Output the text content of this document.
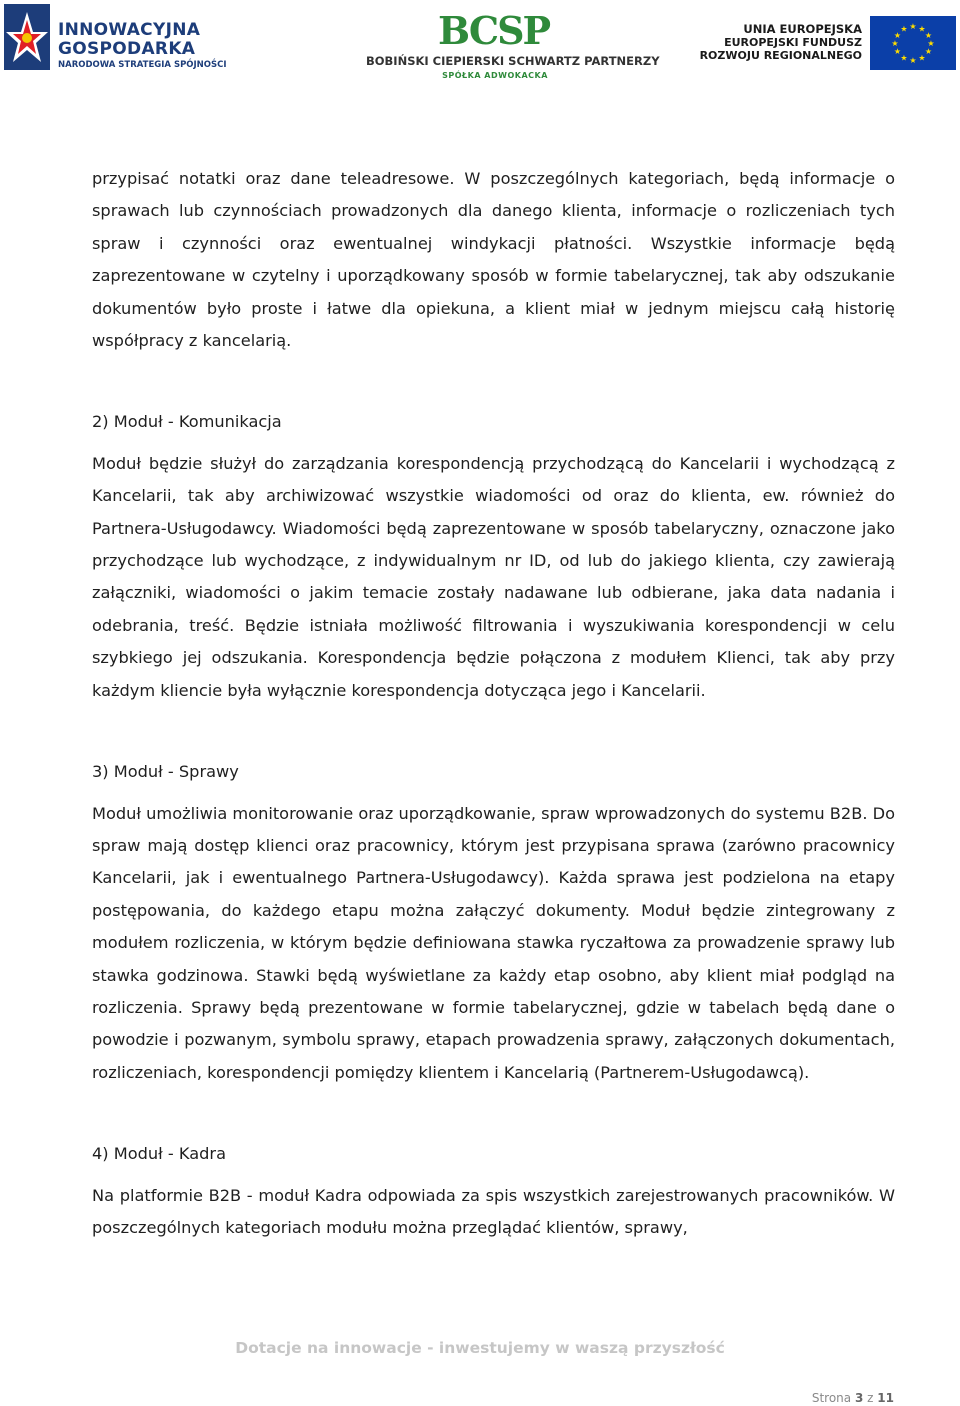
INNOWACYJNA
GOSPODARKA
NARODOWA STRATEGIA SPÓJNOŚCI
BCSP
BOBIŃSKI CIEPIERSKI SCHWARTZ PARTNERZY
SPÓŁKA ADWOKACKA
UNIA EUROPEJSKA
EUROPEJSKI FUNDUSZ
ROZWOJU REGIONALNEGO
★ ★
★
★
★
★
★
★
★
★
★
★

przypisać notatki oraz dane teleadresowe. W poszczególnych kategoriach, będą informacje o sprawach lub czynnościach prowadzonych dla danego klienta, informacje o rozliczeniach tych spraw i czynności oraz ewentualnej windykacji płatności. Wszystkie informacje będą zaprezentowane w czytelny i uporządkowany sposób w formie tabelarycznej, tak aby odszukanie dokumentów było proste i łatwe dla opiekuna, a klient miał w jednym miejscu całą historię współpracy z kancelarią.

2) Moduł - Komunikacja

Moduł będzie służył do zarządzania korespondencją przychodzącą do Kancelarii i wychodzącą z Kancelarii, tak aby archiwizować wszystkie wiadomości od oraz do klienta, ew. również do Partnera-Usługodawcy. Wiadomości będą zaprezentowane w sposób tabelaryczny, oznaczone jako przychodzące lub wychodzące, z indywidualnym nr ID, od lub do jakiego klienta, czy zawierają załączniki, wiadomości o jakim temacie zostały nadawane lub odbierane, jaka data nadania i odebrania, treść. Będzie istniała możliwość filtrowania i wyszukiwania korespondencji w celu szybkiego jej odszukania. Korespondencja będzie połączona z modułem Klienci, tak aby przy każdym kliencie była wyłącznie korespondencja dotycząca jego i Kancelarii.

3) Moduł - Sprawy

Moduł umożliwia monitorowanie oraz uporządkowanie, spraw wprowadzonych do systemu B2B. Do spraw mają dostęp klienci oraz pracownicy, którym jest przypisana sprawa (zarówno pracownicy Kancelarii, jak i ewentualnego Partnera-Usługodawcy). Każda sprawa jest podzielona na etapy postępowania, do każdego etapu można załączyć dokumenty. Moduł będzie zintegrowany z modułem rozliczenia, w którym będzie definiowana stawka ryczałtowa za prowadzenie sprawy lub stawka godzinowa. Stawki będą wyświetlane za każdy etap osobno, aby klient miał podgląd na rozliczenia. Sprawy będą prezentowane w formie tabelarycznej, gdzie w tabelach będą dane o powodzie i pozwanym, symbolu sprawy, etapach prowadzenia sprawy, załączonych dokumentach, rozliczeniach, korespondencji pomiędzy klientem i Kancelarią (Partnerem-Usługodawcą).

4) Moduł - Kadra

Na platformie B2B - moduł Kadra odpowiada za spis wszystkich zarejestrowanych pracowników. W poszczególnych kategoriach modułu można przeglądać klientów, sprawy,

Dotacje na innowacje - inwestujemy w waszą przyszłość
Strona 3 z 11
